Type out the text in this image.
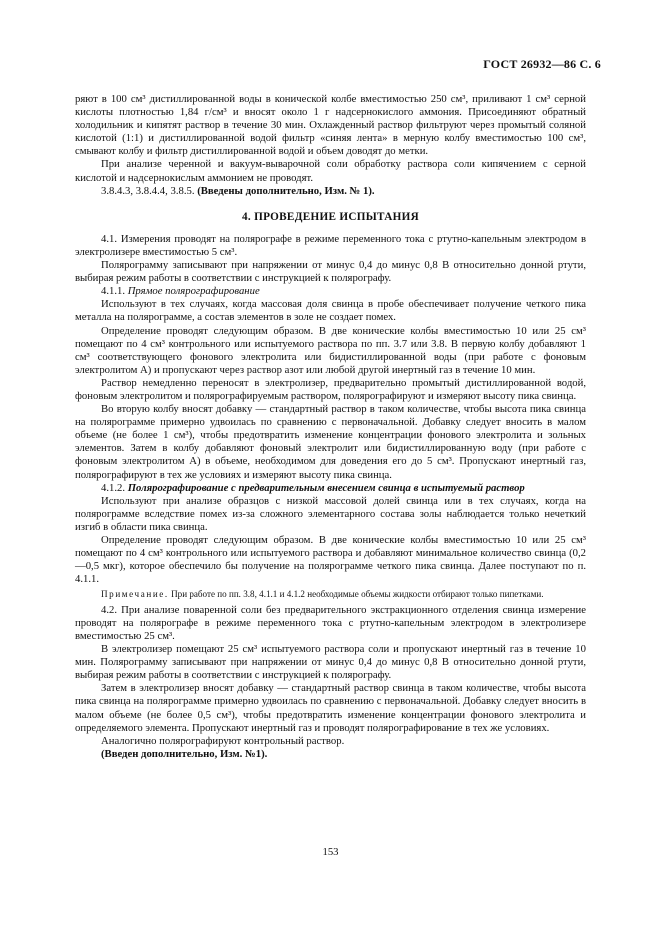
ГОСТ 26932—86 С. 6

ряют в 100 см³ дистиллированной воды в конической колбе вместимостью 250 см³, приливают 1 см³ серной кислоты плотностью 1,84 г/см³ и вносят около 1 г надсернокислого аммония. Присоединяют обратный холодильник и кипятят раствор в течение 30 мин. Охлажденный раствор фильтруют через промытый соляной кислотой (1:1) и дистиллированной водой фильтр «синяя лента» в мерную колбу вместимостью 100 см³, смывают колбу и фильтр дистиллированной водой и объем доводят до метки.

При анализе черенной и вакуум-выварочной соли обработку раствора соли кипячением с серной кислотой и надсернокислым аммонием не проводят.

3.8.4.3, 3.8.4.4, 3.8.5. (Введены дополнительно, Изм. № 1).

4. ПРОВЕДЕНИЕ ИСПЫТАНИЯ

4.1. Измерения проводят на полярографе в режиме переменного тока с ртутно-капельным электродом в электролизере вместимостью 5 см³.

Полярограмму записывают при напряжении от минус 0,4 до минус 0,8 В относительно донной ртути, выбирая режим работы в соответствии с инструкцией к полярографу.

4.1.1. Прямое полярографирование

Используют в тех случаях, когда массовая доля свинца в пробе обеспечивает получение четкого пика металла на полярограмме, а состав элементов в золе не создает помех.

Определение проводят следующим образом. В две конические колбы вместимостью 10 или 25 см³ помещают по 4 см³ контрольного или испытуемого раствора по пп. 3.7 или 3.8. В первую колбу добавляют 1 см³ соответствующего фонового электролита или бидистиллированной воды (при работе с фоновым электролитом А) и пропускают через раствор азот или любой другой инертный газ в течение 10 мин.

Раствор немедленно переносят в электролизер, предварительно промытый дистиллированной водой, фоновым электролитом и полярографируемым раствором, полярографируют и измеряют высоту пика свинца.

Во вторую колбу вносят добавку — стандартный раствор в таком количестве, чтобы высота пика свинца на полярограмме примерно удвоилась по сравнению с первоначальной. Добавку следует вносить в малом объеме (не более 1 см³), чтобы предотвратить изменение концентрации фонового электролита и зольных элементов. Затем в колбу добавляют фоновый электролит или бидистиллированную воду (при работе с фоновым электролитом А) в объеме, необходимом для доведения его до 5 см³. Пропускают инертный газ, полярографируют в тех же условиях и измеряют высоту пика свинца.

4.1.2. Полярографирование с предварительным внесением свинца в испытуемый раствор

Используют при анализе образцов с низкой массовой долей свинца или в тех случаях, когда на полярограмме вследствие помех из-за сложного элементарного состава золы наблюдается только нечеткий изгиб в области пика свинца.

Определение проводят следующим образом. В две конические колбы вместимостью 10 или 25 см³ помещают по 4 см³ контрольного или испытуемого раствора и добавляют минимальное количество свинца (0,2—0,5 мкг), которое обеспечило бы получение на полярограмме четкого пика свинца. Далее поступают по п. 4.1.1.

Примечание. При работе по пп. 3.8, 4.1.1 и 4.1.2 необходимые объемы жидкости отбирают только пипетками.

4.2. При анализе поваренной соли без предварительного экстракционного отделения свинца измерение проводят на полярографе в режиме переменного тока с ртутно-капельным электродом в электролизере вместимостью 25 см³.

В электролизер помещают 25 см³ испытуемого раствора соли и пропускают инертный газ в течение 10 мин. Полярограмму записывают при напряжении от минус 0,4 до минус 0,8 В относительно донной ртути, выбирая режим работы в соответствии с инструкцией к полярографу.

Затем в электролизер вносят добавку — стандартный раствор свинца в таком количестве, чтобы высота пика свинца на полярограмме примерно удвоилась по сравнению с первоначальной. Добавку следует вносить в малом объеме (не более 0,5 см³), чтобы предотвратить изменение концентрации фонового электролита и определяемого элемента. Пропускают инертный газ и проводят полярографирование в тех же условиях.

Аналогично полярографируют контрольный раствор.

(Введен дополнительно, Изм. №1).

153
